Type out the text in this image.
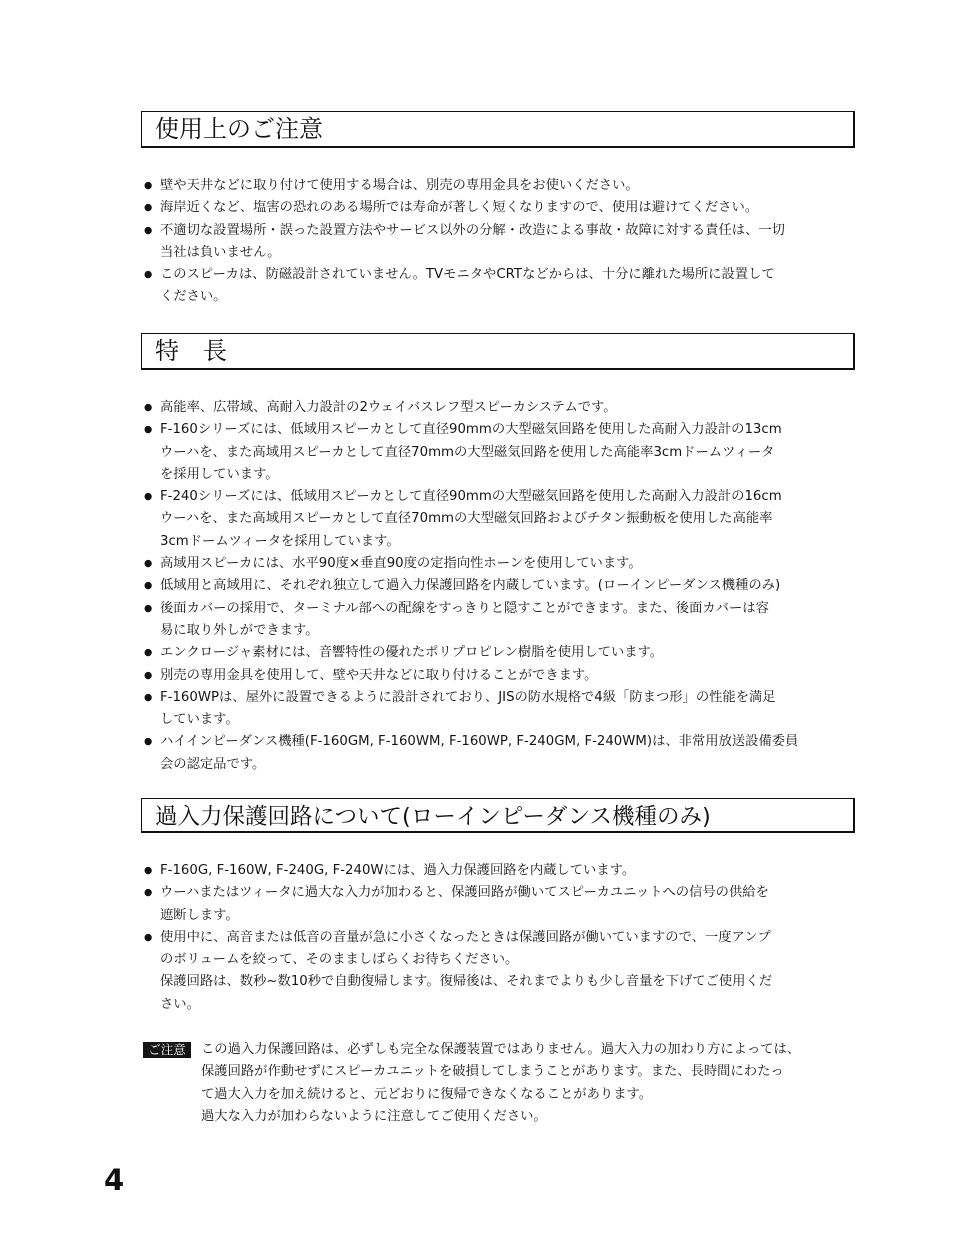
使用上のご注意
● 壁や天井などに取り付けて使用する場合は、別売の専用金具をお使いください。
● 海岸近くなど、塩害の恐れのある場所では寿命が著しく短くなりますので、使用は避けてください。
● 不適切な設置場所・誤った設置方法やサービス以外の分解・改造による事故・故障に対する責任は、一切
当社は負いません。
● このスピーカは、防磁設計されていません。TVモニタやCRTなどからは、十分に離れた場所に設置して
ください。
特　長
● 高能率、広帯域、高耐入力設計の2ウェイバスレフ型スピーカシステムです。
● F-160シリーズには、低域用スピーカとして直径90mmの大型磁気回路を使用した高耐入力設計の13cm
ウーハを、また高域用スピーカとして直径70mmの大型磁気回路を使用した高能率3cmドームツィータ
を採用しています。
● F-240シリーズには、低域用スピーカとして直径90mmの大型磁気回路を使用した高耐入力設計の16cm
ウーハを、また高域用スピーカとして直径70mmの大型磁気回路およびチタン振動板を使用した高能率
3cmドームツィータを採用しています。
● 高域用スピーカには、水平90度×垂直90度の定指向性ホーンを使用しています。
● 低域用と高域用に、それぞれ独立して過入力保護回路を内蔵しています。(ローインピーダンス機種のみ)
● 後面カバーの採用で、ターミナル部への配線をすっきりと隠すことができます。また、後面カバーは容
易に取り外しができます。
● エンクロージャ素材には、音響特性の優れたポリプロピレン樹脂を使用しています。
● 別売の専用金具を使用して、壁や天井などに取り付けることができます。
● F-160WPは、屋外に設置できるように設計されており、JISの防水規格で4級「防まつ形」の性能を満足
しています。
● ハイインピーダンス機種(F-160GM, F-160WM, F-160WP, F-240GM, F-240WM)は、非常用放送設備委員
会の認定品です。
過入力保護回路について(ローインピーダンス機種のみ)
● F-160G, F-160W, F-240G, F-240Wには、過入力保護回路を内蔵しています。
● ウーハまたはツィータに過大な入力が加わると、保護回路が働いてスピーカユニットへの信号の供給を
遮断します。
● 使用中に、高音または低音の音量が急に小さくなったときは保護回路が働いていますので、一度アンプ
のボリュームを絞って、そのまましばらくお待ちください。
保護回路は、数秒~数10秒で自動復帰します。復帰後は、それまでよりも少し音量を下げてご使用くだ
さい。
ご注意	この過入力保護回路は、必ずしも完全な保護装置ではありません。過大入力の加わり方によっては、
保護回路が作動せずにスピーカユニットを破損してしまうことがあります。また、長時間にわたっ
て過大入力を加え続けると、元どおりに復帰できなくなることがあります。
過大な入力が加わらないように注意してご使用ください。
4
